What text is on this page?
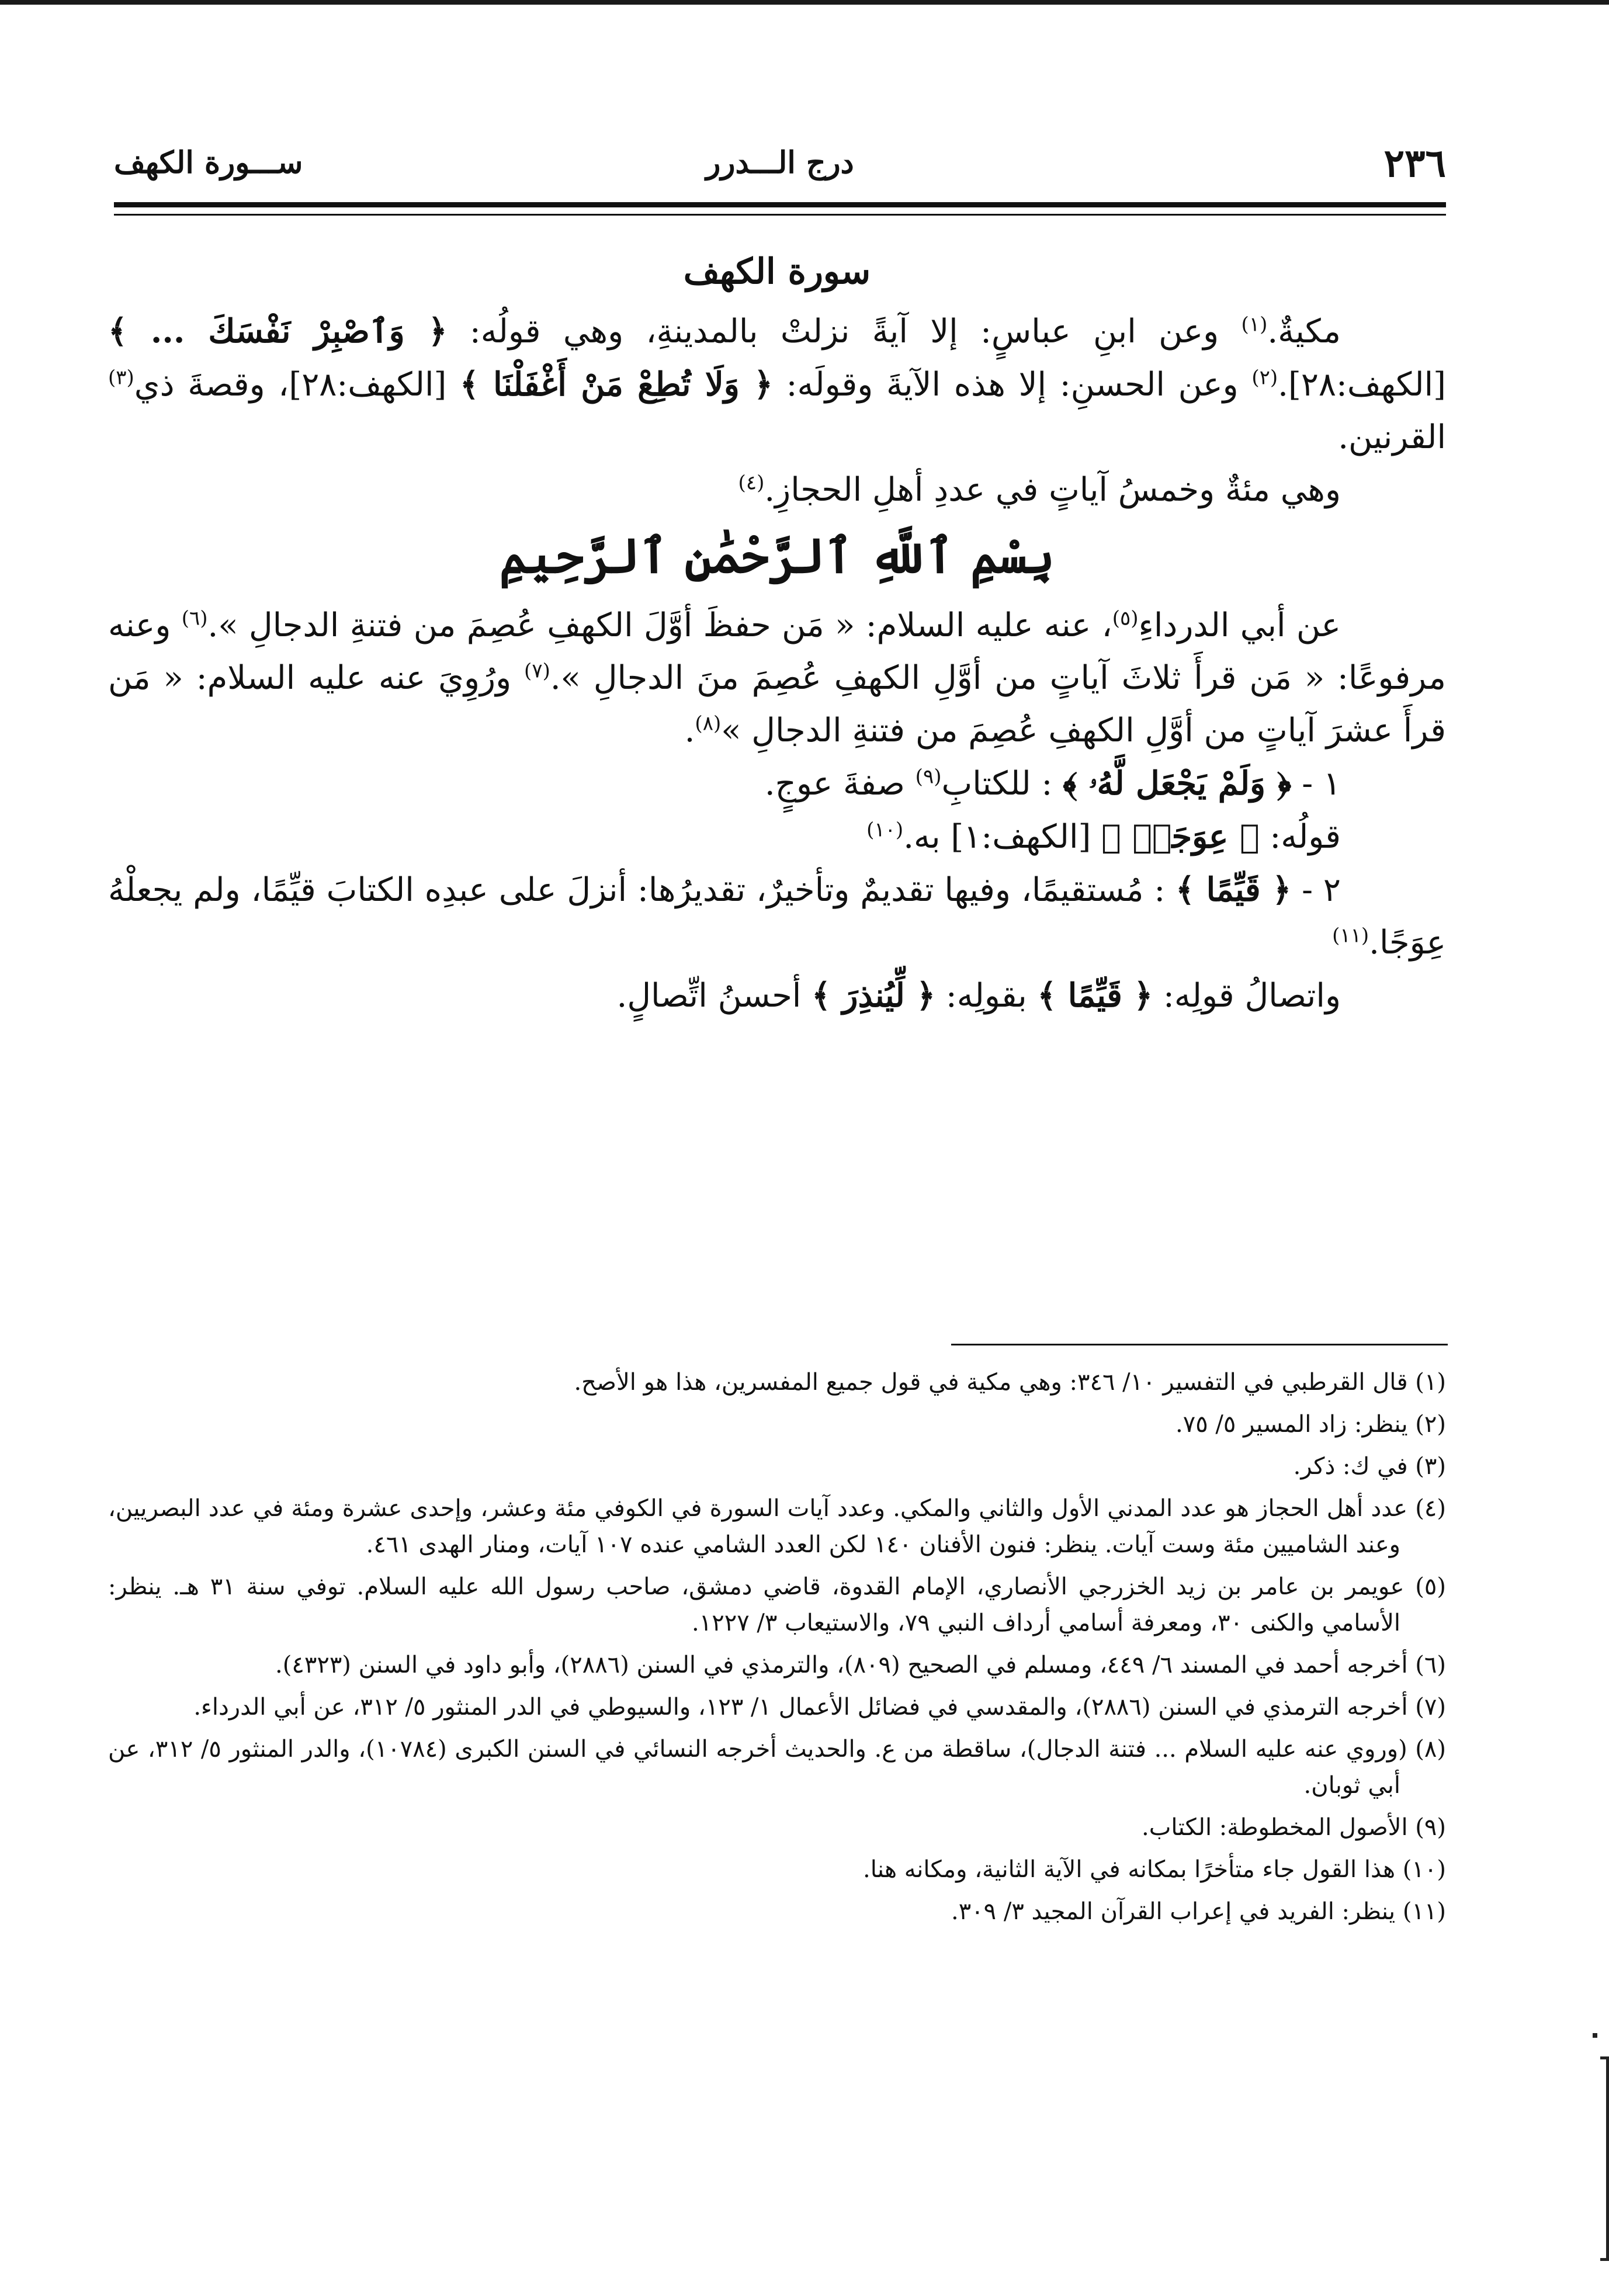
٢٣٦
درج الـــدرر
ســـورة الكهف
سورة الكهف

مكيةٌ.$^{(١)}$ وعن ابنِ عباسٍ: إلا آيةً نزلتْ بالمدينةِ، وهي قولُه: ﴿ وَٱصْبِرْ نَفْسَكَ ... ﴾ [الكهف:٢٨].$^{(٢)}$ وعن الحسنِ: إلا هذه الآيةَ وقولَه: ﴿ وَلَا تُطِعْ مَنْ أَغْفَلْنَا ﴾ [الكهف:٢٨]، وقصةَ ذي$^{(٣)}$ القرنين.

وهي مئةٌ وخمسُ آياتٍ في عددِ أهلِ الحجازِ.$^{(٤)}$

بِسْمِ ٱللَّهِ ٱلرَّحْمَٰنِ ٱلرَّحِيمِ

عن أبي الدرداءِ$^{(٥)}$، عنه عليه السلام: « مَن حفظَ أوَّلَ الكهفِ عُصِمَ من فتنةِ الدجالِ ».$^{(٦)}$ وعنه مرفوعًا: « مَن قرأَ ثلاثَ آياتٍ من أوَّلِ الكهفِ عُصِمَ منَ الدجالِ ».$^{(٧)}$ ورُوِيَ عنه عليه السلام: « مَن قرأَ عشرَ آياتٍ من أوَّلِ الكهفِ عُصِمَ من فتنةِ الدجالِ »$^{(٨)}$.

١ - ﴿ وَلَمْ يَجْعَل لَّهُۥ ﴾ : للكتابِ$^{(٩)}$ صفةَ عوجٍ.

قولُه: ﴿ عِوَجَاۜ ﴾ [الكهف:١] به.$^{(١٠)}$

٢ - ﴿ قَيِّمًا ﴾ : مُستقيمًا، وفيها تقديمٌ وتأخيرٌ، تقديرُها: أنزلَ على عبدِه الكتابَ قيِّمًا، ولم يجعلْهُ عِوَجًا.$^{(١١)}$

واتصالُ قولِه: ﴿ قَيِّمًا ﴾ بقولِه: ﴿ لِّيُنذِرَ ﴾ أحسنُ اتِّصالٍ.

(١) قال القرطبي في التفسير ١٠/ ٣٤٦: وهي مكية في قول جميع المفسرين، هذا هو الأصح.

(٢) ينظر: زاد المسير ٥/ ٧٥.

(٣) في ك: ذكر.

(٤) عدد أهل الحجاز هو عدد المدني الأول والثاني والمكي. وعدد آيات السورة في الكوفي مئة وعشر، وإحدى عشرة ومئة في عدد البصريين، وعند الشاميين مئة وست آيات. ينظر: فنون الأفنان ١٤٠ لكن العدد الشامي عنده ١٠٧ آيات، ومنار الهدى ٤٦١.

(٥) عويمر بن عامر بن زيد الخزرجي الأنصاري، الإمام القدوة، قاضي دمشق، صاحب رسول الله عليه السلام. توفي سنة ٣١ هـ. ينظر: الأسامي والكنى ٣٠، ومعرفة أسامي أرداف النبي ٧٩، والاستيعاب ٣/ ١٢٢٧.

(٦) أخرجه أحمد في المسند ٦/ ٤٤٩، ومسلم في الصحيح (٨٠٩)، والترمذي في السنن (٢٨٨٦)، وأبو داود في السنن (٤٣٢٣).

(٧) أخرجه الترمذي في السنن (٢٨٨٦)، والمقدسي في فضائل الأعمال ١/ ١٢٣، والسيوطي في الدر المنثور ٥/ ٣١٢، عن أبي الدرداء.

(٨) (وروي عنه عليه السلام ... فتنة الدجال)، ساقطة من ع. والحديث أخرجه النسائي في السنن الكبرى (١٠٧٨٤)، والدر المنثور ٥/ ٣١٢، عن أبي ثوبان.

(٩) الأصول المخطوطة: الكتاب.

(١٠) هذا القول جاء متأخرًا بمكانه في الآية الثانية، ومكانه هنا.

(١١) ينظر: الفريد في إعراب القرآن المجيد ٣/ ٣٠٩.
